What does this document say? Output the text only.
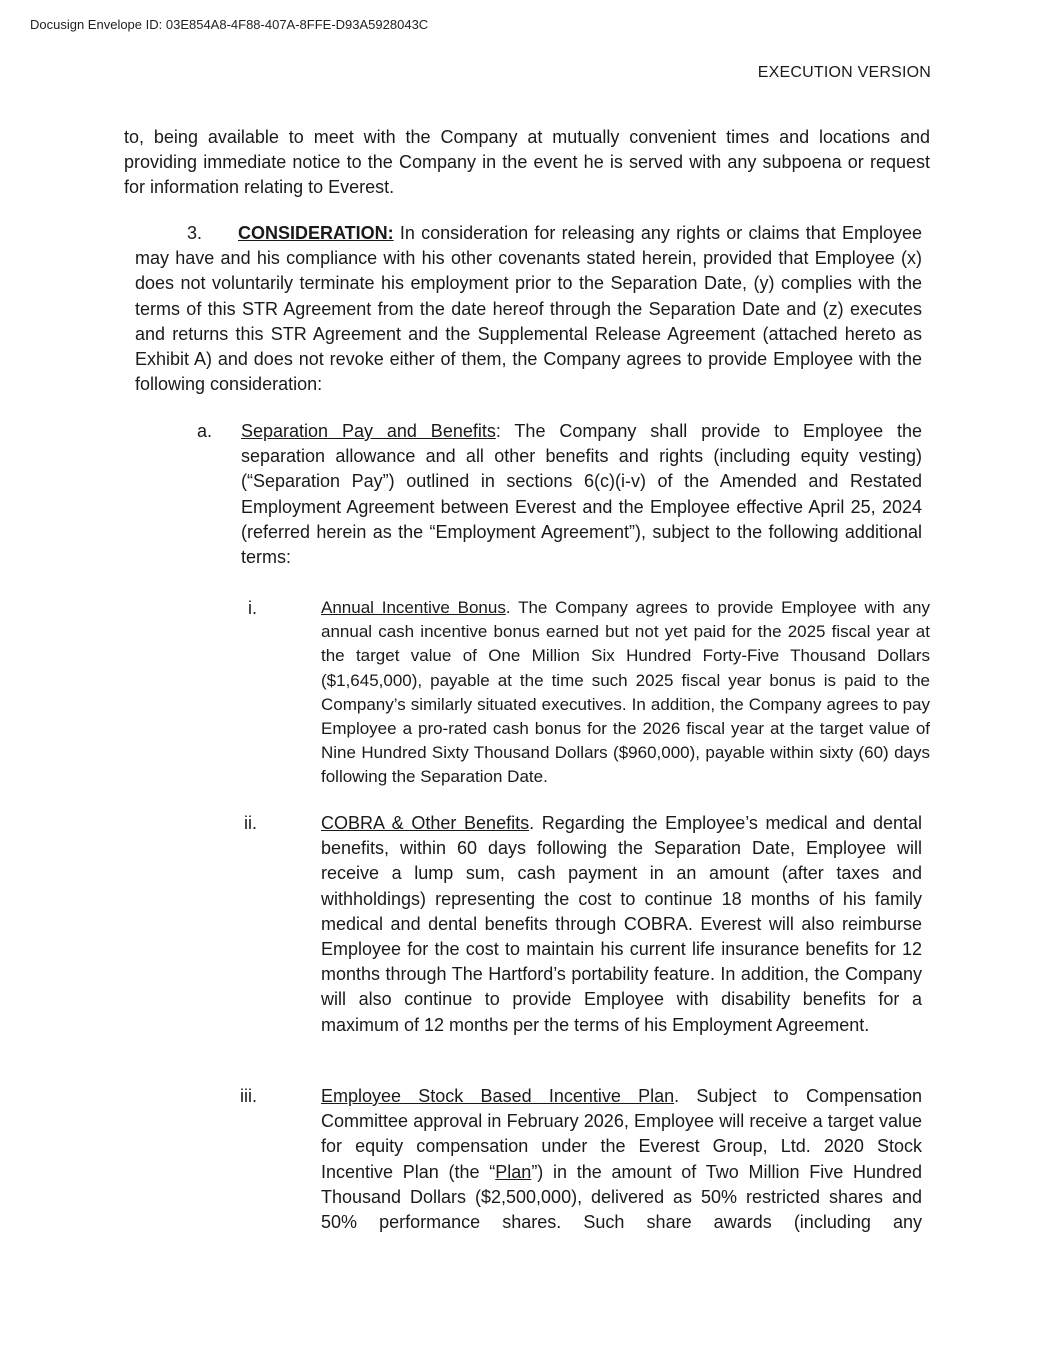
Docusign Envelope ID: 03E854A8-4F88-407A-8FFE-D93A5928043C
EXECUTION VERSION

to, being available to meet with the Company at mutually convenient times and locations and providing immediate notice to the Company in the event he is served with any subpoena or request for information relating to Everest.

3. CONSIDERATION: In consideration for releasing any rights or claims that Employee may have and his compliance with his other covenants stated herein, provided that Employee (x) does not voluntarily terminate his employment prior to the Separation Date, (y) complies with the terms of this STR Agreement from the date hereof through the Separation Date and (z) executes and returns this STR Agreement and the Supplemental Release Agreement (attached hereto as Exhibit A) and does not revoke either of them, the Company agrees to provide Employee with the following consideration:

a. Separation Pay and Benefits: The Company shall provide to Employee the separation allowance and all other benefits and rights (including equity vesting) (“Separation Pay”) outlined in sections 6(c)(i-v) of the Amended and Restated Employment Agreement between Everest and the Employee effective April 25, 2024 (referred herein as the “Employment Agreement”), subject to the following additional terms:

i.	Annual Incentive Bonus. The Company agrees to provide Employee with any annual cash incentive bonus earned but not yet paid for the 2025 fiscal year at the target value of One Million Six Hundred Forty-Five Thousand Dollars ($1,645,000), payable at the time such 2025 fiscal year bonus is paid to the Company’s similarly situated executives. In addition, the Company agrees to pay Employee a pro-rated cash bonus for the 2026 fiscal year at the target value of Nine Hundred Sixty Thousand Dollars ($960,000), payable within sixty (60) days following the Separation Date.

ii.	COBRA & Other Benefits. Regarding the Employee’s medical and dental benefits, within 60 days following the Separation Date, Employee will receive a lump sum, cash payment in an amount (after taxes and withholdings) representing the cost to continue 18 months of his family medical and dental benefits through COBRA. Everest will also reimburse Employee for the cost to maintain his current life insurance benefits for 12 months through The Hartford’s portability feature. In addition, the Company will also continue to provide Employee with disability benefits for a maximum of 12 months per the terms of his Employment Agreement.

iii.	Employee Stock Based Incentive Plan. Subject to Compensation Committee approval in February 2026, Employee will receive a target value for equity compensation under the Everest Group, Ltd. 2020 Stock Incentive Plan (the “Plan”) in the amount of Two Million Five Hundred Thousand Dollars ($2,500,000), delivered as 50% restricted shares and 50% performance shares. Such share awards (including any
